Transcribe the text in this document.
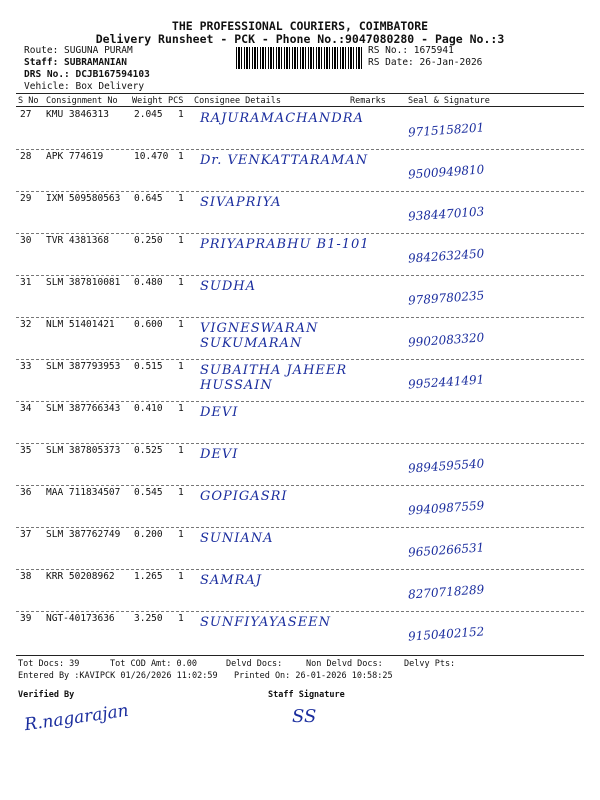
THE PROFESSIONAL COURIERS, COIMBATORE
Delivery Runsheet - PCK - Phone No.:9047080280 - Page No.:3
Route: SUGUNA PURAM
Staff: SUBRAMANIAN
DRS No.: DCJB167594103
Vehicle: Box Delivery
RS No.: 1675941
RS Date: 26-Jan-2026
S No Consignment No Weight PCS Consignee Details	Remarks	Seal & Signature
27 KMU 3846313	2.045 1 RAJURAMACHANDRA
9715158201
28 APK 774619	10.470 1 Dr. VENKATTARAMAN
9500949810
29 IXM 509580563 0.645 1 SIVAPRIYA
9384470103
30 TVR 4381368	0.250 1 PRIYAPRABHU B1-101
9842632450
31 SLM 387810081 0.480 1 SUDHA
9789780235
32 NLM 51401421 0.600 1 VIGNESWARAN SUKUMARAN	9902083320
33 SLM 387793953 0.515 1 SUBAITHA JAHEER HUSSAIN	9952441491
34 SLM 387766343 0.410 1 DEVI
35 SLM 387805373 0.525 1 DEVI
9894595540
36 MAA 711834507 0.545 1 GOPIGASRI
9940987559
37 SLM 387762749 0.200 1 SUNIANA
9650266531
38 KRR 50208962 1.265 1 SAMRAJ
8270718289
39 NGT-40173636 3.250 1 SUNFIYAYASEEN
9150402152
Tot Docs: 39	Tot COD Amt: 0.00	Delvd Docs:	Non Delvd Docs: Delvy Pts:
Entered By :KAVIPCK 01/26/2026 11:02:59 Printed On: 26-01-2026 10:58:25
Verified By	Staff Signature
R.nagarajan	SS
